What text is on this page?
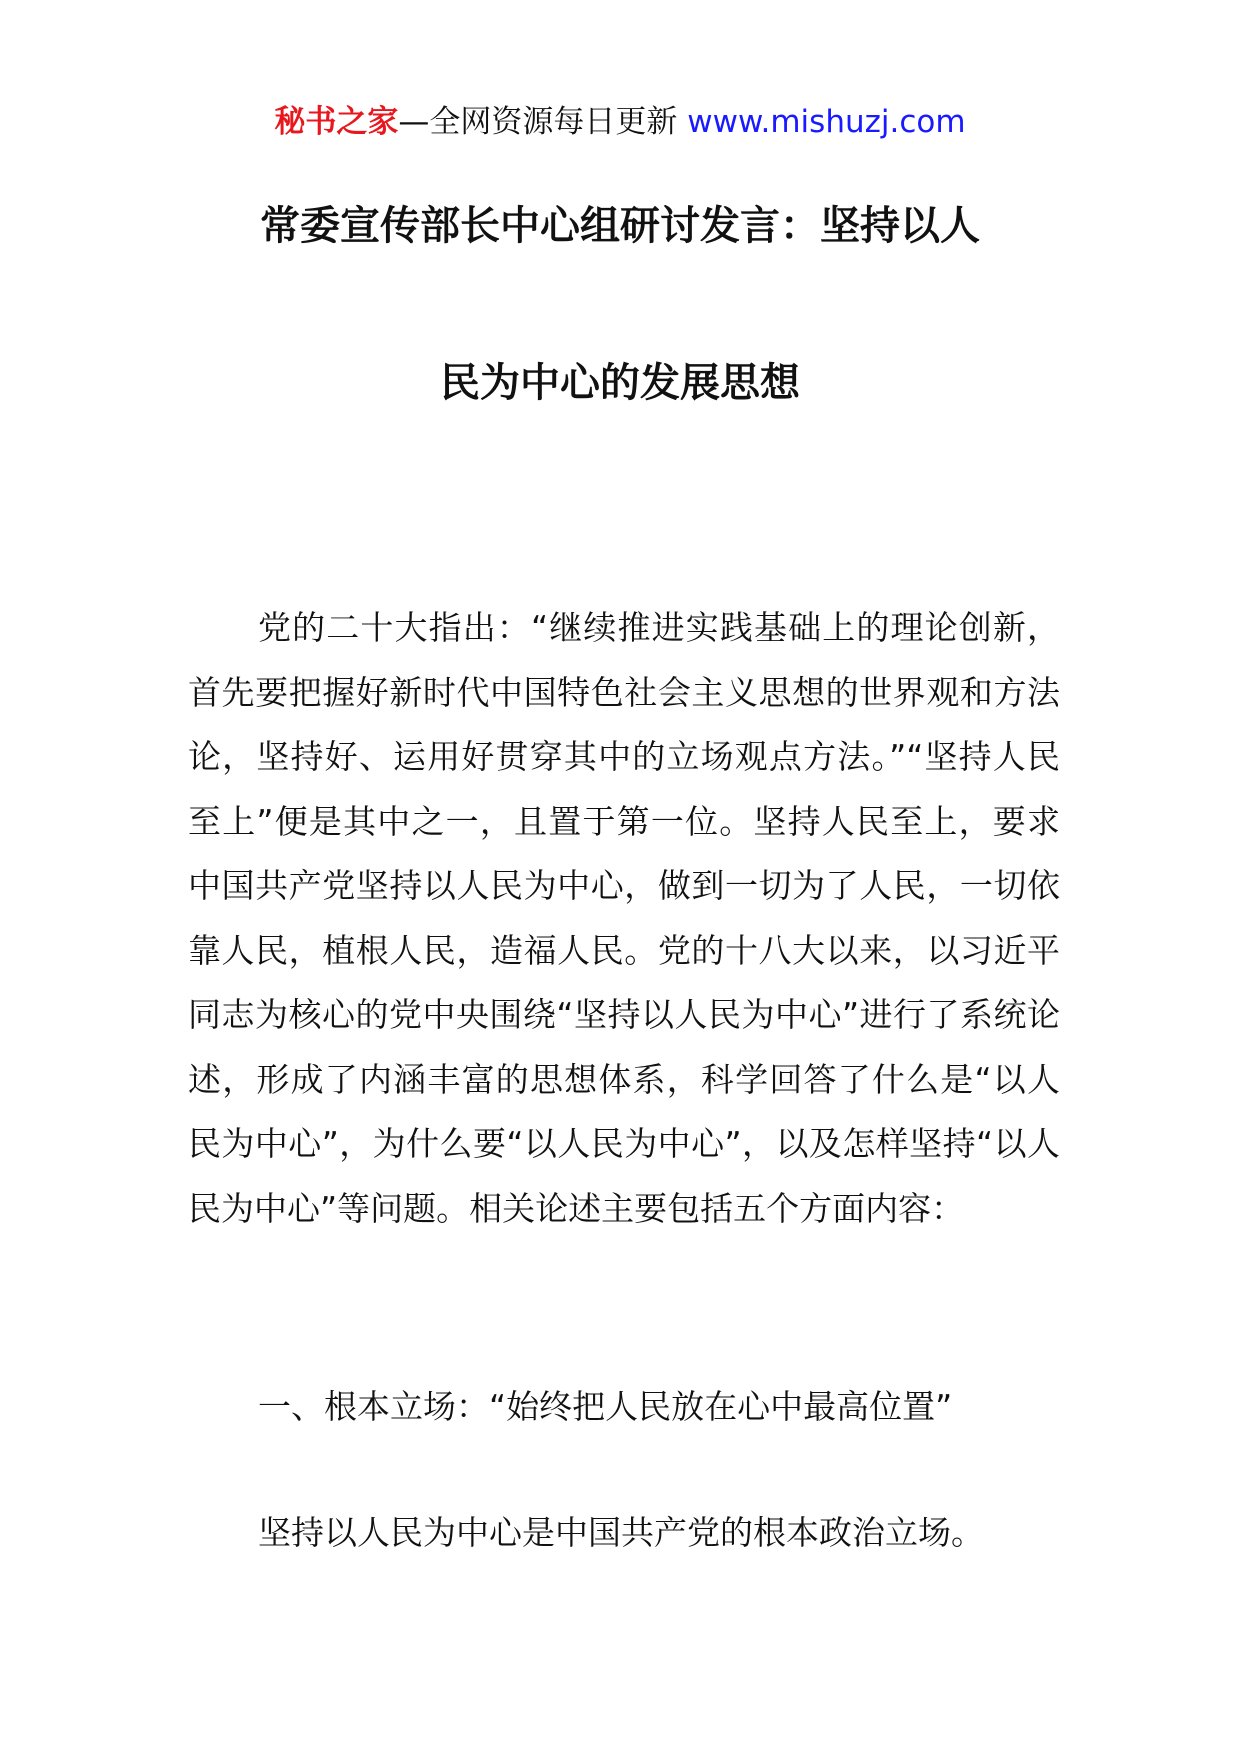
秘书之家—全网资源每日更新 www.mishuzj.com
常委宣传部长中心组研讨发言：坚持以人
民为中心的发展思想
党的二十大指出：“继续推进实践基础上的理论创新，首先要把握好新时代中国特色社会主义思想的世界观和方法论，坚持好、运用好贯穿其中的立场观点方法。”“坚持人民至上”便是其中之一，且置于第一位。坚持人民至上，要求中国共产党坚持以人民为中心，做到一切为了人民，一切依靠人民，植根人民，造福人民。党的十八大以来，以习近平同志为核心的党中央围绕“坚持以人民为中心”进行了系统论述，形成了内涵丰富的思想体系，科学回答了什么是“以人民为中心”，为什么要“以人民为中心”，以及怎样坚持“以人民为中心”等问题。相关论述主要包括五个方面内容：
一、根本立场：“始终把人民放在心中最高位置”
坚持以人民为中心是中国共产党的根本政治立场。
